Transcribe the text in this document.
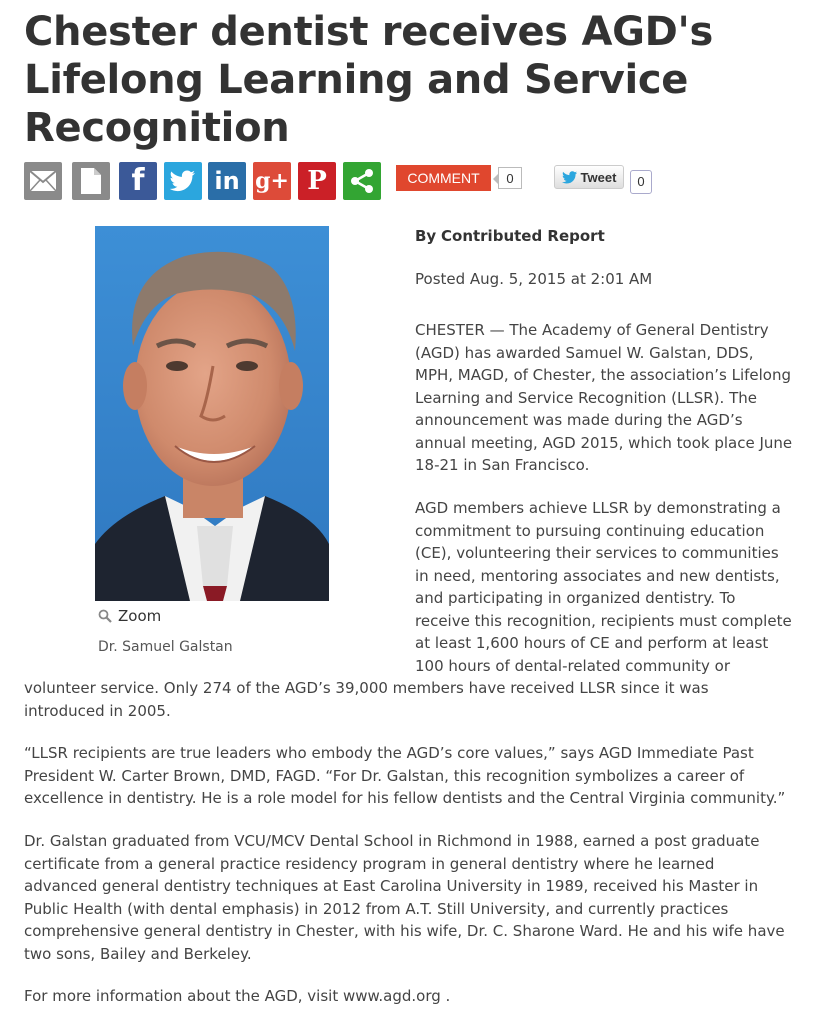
Chester dentist receives AGD's Lifelong Learning and Service Recognition
f	in g+ P	COMMENT	0	Tweet	0
By Contributed Report
Posted Aug. 5, 2015 at 2:01 AM
Zoom
Dr. Samuel Galstan
CHESTER — The Academy of General Dentistry
(AGD) has awarded Samuel W. Galstan, DDS,
MPH, MAGD, of Chester, the association’s Lifelong
Learning and Service Recognition (LLSR). The
announcement was made during the AGD’s
annual meeting, AGD 2015, which took place June
18-21 in San Francisco.
AGD members achieve LLSR by demonstrating a
commitment to pursuing continuing education
(CE), volunteering their services to communities
in need, mentoring associates and new dentists,
and participating in organized dentistry. To
receive this recognition, recipients must complete
at least 1,600 hours of CE and perform at least
100 hours of dental-related community or
volunteer service. Only 274 of the AGD’s 39,000 members have received LLSR since it was
introduced in 2005.
“LLSR recipients are true leaders who embody the AGD’s core values,” says AGD Immediate Past
President W. Carter Brown, DMD, FAGD. “For Dr. Galstan, this recognition symbolizes a career of
excellence in dentistry. He is a role model for his fellow dentists and the Central Virginia community.”
Dr. Galstan graduated from VCU/MCV Dental School in Richmond in 1988, earned a post graduate
certificate from a general practice residency program in general dentistry where he learned
advanced general dentistry techniques at East Carolina University in 1989, received his Master in
Public Health (with dental emphasis) in 2012 from A.T. Still University, and currently practices
comprehensive general dentistry in Chester, with his wife, Dr. C. Sharone Ward. He and his wife have
two sons, Bailey and Berkeley.
For more information about the AGD, visit www.agd.org .
